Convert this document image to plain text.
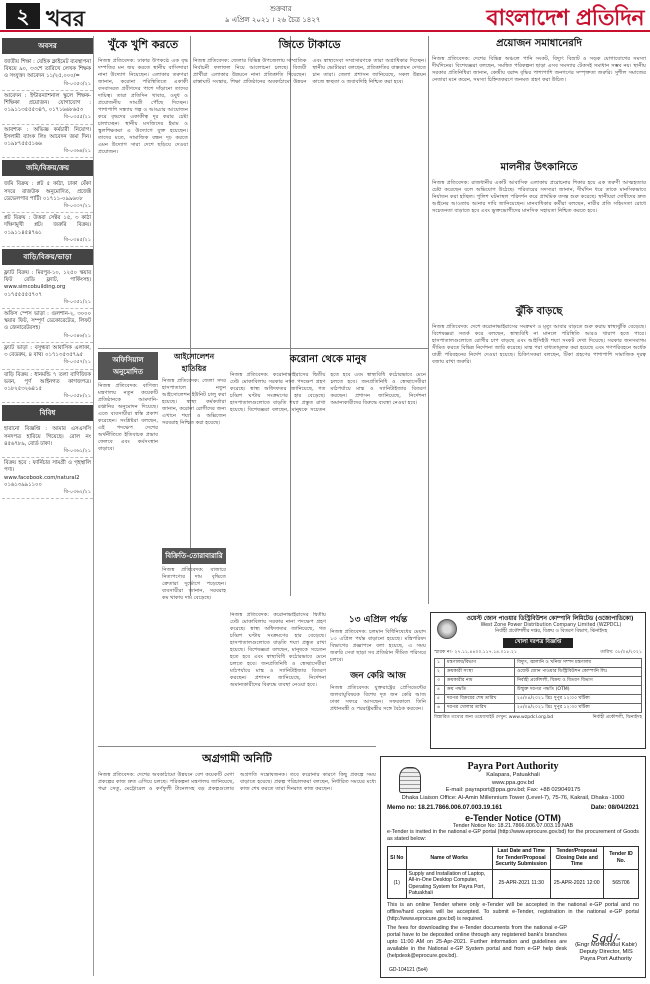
২ খবর	শুক্রবার
৯ এপ্রিল ২০২১ । ২৬ চৈত্র ১৪২৭	বাংলাদেশ প্রতিদিন
অবসর
জাতীয় শিক্ষা : যেহিক ক্লাইমেট ব্যবস্থাপনা বিষয়ে ৯০, ৩৩শে তারিখে লেখক শিক্ষক ও সংযুক্ত। আবেদন ১১/২৫,০০০/=
বি-০৩৫৩/২১
আবেদন : ইন্টারন্যাশনাল স্কুলে শিক্ষক-শিক্ষিকা প্রয়োজন। যোগাযোগ : ০১৯১১৩৫৫৫৩৪৭, ০১৭১৬৬৮৬৫৩
বি-০৩৫৫/২১
আবশ্যক : অভিজ্ঞ কর্মচারী নিয়োগ। ইসলামী ব্যাংক লিঃ আবেদন জমা দিন। ০১৯৮৭৫৫৫১৬৬
বি-০৩৬৪/২১
জমি/বিক্রয়/ক্রয়
জমি বিক্রয় : প্লট ৫ কাঠা, ঢাকা বেঁকা সদরে রাজউক অনুমোদিত, প্রজেক্ট ডেভেলপার পার্টি। ০১৭১১-০৯৯৬০৮
বি-০৩৩৭/২১
প্লট বিক্রয় : উত্তরা সেক্টর ১৫, ৩ কাঠা দক্ষিণমুখী প্লট। জরুরি বিক্রয়। ০১৯১১৪৫৪৭৬১
বি-০৩৪৫/২১
বাড়ি/বিক্রয়/ভাড়া
ফ্ল্যাট বিক্রয় : মিরপুর-১০, ১২৫০ স্কয়ার ফিট রেডি ফ্ল্যাট, পার্কিংসহ। www.simcobuilding.org ০১৭৫৫৫৫৫৭০৭
বি-০৩৫১/২১
অফিস স্পেস ভাড়া : গুলশান-২, ৩০০০ স্কয়ার ফিট, সম্পূর্ণ ডেকোরেটেড, লিফট ও জেনারেটরসহ।
বি-০৩৪৬/২১
ফ্ল্যাট ভাড়া : বসুন্ধরা আবাসিক এলাকা, ৩ বেডরুম, ৪ বাথ। ০১৭১৩৫৩৫৭৯৫
বি-০৩৫৭/২১
বাড়ি বিক্রয় : ধানমন্ডি ৭ তলা বাণিজ্যিক ভবন, পূর্ণ আইনগত কাগজপত্র। ০১৮২৫৩২৬৪১৫
বি-০৩৫৮/২১
বিবিধ
হারানো বিজ্ঞপ্তি : আমার এসএসসি সনদপত্র হারিয়ে গিয়েছে। রোল নং ৪৫৬৭৮৯, বোর্ড ঢাকা।
বি-০৩৬১/২১
বিক্রয় হবে : ফার্নিচার সামগ্রী ও গৃহস্থালি পণ্য। www.facebook.com/natural2 ০১৬১৩৯৯১১০০
বি-০৩৬২/২১
খুঁকে খুশি করতে
নিজস্ব প্রতিবেদক: ঢাকার উপকণ্ঠে এক বৃদ্ধ দম্পতির মন জয় করতে স্থানীয় বাসিন্দারা নানা উদ্যোগ নিয়েছেন। এলাকার তরুণরা জানান, করোনা পরিস্থিতিতে একাকী বসবাসরত প্রবীণদের পাশে দাঁড়ানো তাদের দায়িত্ব। তারা প্রতিদিন খাবার, ওষুধ ও প্রয়োজনীয় সামগ্রী পৌঁছে দিচ্ছেন। পাশাপাশি সন্ধ্যায় গল্প ও আড্ডার আয়োজন করে বৃদ্ধদের একাকীত্ব দূর করার চেষ্টা চালাচ্ছেন। স্থানীয় মসজিদের ইমাম ও স্কুলশিক্ষকরা এ উদ্যোগে যুক্ত হয়েছেন। তাদের মতে, সামাজিক বন্ধন দৃঢ় করতে এমন উদ্যোগ সারা দেশে ছড়িয়ে দেওয়া প্রয়োজন।
জিতে টাকাডে
নিজস্ব প্রতিবেদক: জেলার বিভিন্ন উপজেলায় সাম্প্রতিক নির্বাচনী ফলাফল নিয়ে আলোচনা চলছে। বিজয়ী প্রার্থীরা এলাকার উন্নয়নে নানা প্রতিশ্রুতি দিয়েছেন। রাস্তাঘাট সংস্কার, শিক্ষা প্রতিষ্ঠানের অবকাঠামো উন্নয়ন এবং স্বাস্থ্যসেবা সম্প্রসারণকে তারা অগ্রাধিকার দিচ্ছেন। স্থানীয় ভোটাররা বলছেন, প্রতিশ্রুতির বাস্তবায়ন দেখতে চান তারা। জেলা প্রশাসন জানিয়েছে, সকল উন্নয়ন কাজে স্বচ্ছতা ও জবাবদিহি নিশ্চিত করা হবে।
প্রয়োজন সমাধানেরদি
নিজস্ব প্রতিবেদক: দেশের বিভিন্ন অঞ্চলে পানি সংকট, বিদ্যুৎ বিভ্রাট ও সড়ক যোগাযোগের সমস্যা দীর্ঘদিনের। বিশেষজ্ঞরা বলছেন, সমন্বিত পরিকল্পনা ছাড়া এসব সমস্যার টেকসই সমাধান সম্ভব নয়। স্থানীয় সরকার প্রতিনিধিরা জানান, কেন্দ্রীয় বরাদ্দ বৃদ্ধির পাশাপাশি জনগণের সম্পৃক্ততা জরুরি। সুশীল সমাজের নেতারা মনে করেন, সমস্যা চিহ্নিতকরণে জনমত গ্রহণ করা উচিত।
মালনীর উৎকানিতে
নিজস্ব প্রতিবেদক: রাজধানীর একটি আবাসিক এলাকায় প্ররোচনার শিকার হয়ে এক তরুণী আত্মহত্যার চেষ্টা করেছেন বলে অভিযোগ উঠেছে। পরিবারের সদস্যরা জানান, দীর্ঘদিন ধরে তাকে মানসিকভাবে নির্যাতন করা হচ্ছিল। পুলিশ ঘটনাস্থল পরিদর্শন করে প্রাথমিক তদন্ত শুরু করেছে। স্থানীয়রা দোষীদের দ্রুত আইনের আওতায় আনার দাবি জানিয়েছেন। মানবাধিকার কর্মীরা বলছেন, নারীর প্রতি সহিংসতা রোধে সচেতনতা বাড়াতে হবে এবং ভুক্তভোগীদের মানসিক সহায়তা নিশ্চিত করতে হবে।
ঝুঁকি বাড়ছে
নিজস্ব প্রতিবেদক: দেশে করোনাভাইরাসের সংক্রমণ ও মৃত্যু আবার বাড়তে শুরু করায় স্বাস্থ্যঝুঁকি বেড়েছে। বিশেষজ্ঞরা সতর্ক করে বলছেন, স্বাস্থ্যবিধি না মানলে পরিস্থিতি আরও খারাপ হতে পারে। হাসপাতালগুলোতে রোগীর চাপ বাড়ছে এবং আইসিইউ শয্যা সংকট দেখা দিয়েছে। সরকার জনসমাগম সীমিত করতে বিভিন্ন নির্দেশনা জারি করেছে। মাস্ক পরা বাধ্যতামূলক করা হয়েছে এবং গণপরিবহনে অর্ধেক যাত্রী পরিবহনের নির্দেশ দেওয়া হয়েছে। চিকিৎসকরা বলছেন, টিকা গ্রহণের পাশাপাশি সামাজিক দূরত্ব বজায় রাখা জরুরি।
অফিসিয়াল অনুমোদিত
নিজস্ব প্রতিবেদক: বাণিজ্য মন্ত্রণালয় নতুন কয়েকটি প্রতিষ্ঠানকে আমদানি-রপ্তানির অনুমোদন দিয়েছে। এতে ব্যবসায়ীরা স্বস্তি প্রকাশ করেছেন। সংশ্লিষ্টরা বলছেন, এই পদক্ষেপ দেশের অর্থনীতিতে ইতিবাচক প্রভাব ফেলবে এবং কর্মসংস্থান বাড়াবে।
আইসোলেশন হাতিয়ির
নিজস্ব প্রতিবেদক: জেলা সদর হাসপাতালে নতুন আইসোলেশন ইউনিট চালু করা হয়েছে। স্বাস্থ্য কর্মকর্তারা জানান, করোনা রোগীদের জন্য এখানে শয্যা ও অক্সিজেন সরবরাহ নিশ্চিত করা হয়েছে।
করোনা থেকে মানুষ
নিজস্ব প্রতিবেদক: করোনাভাইরাসের দ্বিতীয় ঢেউ মোকাবিলায় সরকার নানা পদক্ষেপ গ্রহণ করেছে। স্বাস্থ্য অধিদফতর জানিয়েছে, গত চব্বিশ ঘণ্টায় সংক্রমণের হার বেড়েছে। হাসপাতালগুলোতে বাড়তি শয্যা প্রস্তুত রাখা হয়েছে। বিশেষজ্ঞরা বলছেন, মানুষকে সচেতন হতে হবে এবং স্বাস্থ্যবিধি কঠোরভাবে মেনে চলতে হবে। জনপ্রতিনিধি ও স্বেচ্ছাসেবীরা মাঠপর্যায়ে মাস্ক ও স্যানিটাইজার বিতরণ করছেন। প্রশাসন জানিয়েছে, নির্দেশনা অমান্যকারীদের বিরুদ্ধে ব্যবস্থা নেওয়া হবে।
১৩ এপ্রিল পর্যন্ত
নিজস্ব প্রতিবেদক: চলমান বিধিনিষেধের মেয়াদ ১৩ এপ্রিল পর্যন্ত বাড়ানো হয়েছে। মন্ত্রিপরিষদ বিভাগের প্রজ্ঞাপনে বলা হয়েছে, এ সময় জরুরি সেবা ছাড়া সব প্রতিষ্ঠান সীমিত পরিসরে চলবে।
জন কেরি আজ
নিজস্ব প্রতিবেদক: যুক্তরাষ্ট্রের প্রেসিডেন্টের জলবায়ুবিষয়ক বিশেষ দূত জন কেরি আজ ঢাকা সফরে আসছেন। সফরকালে তিনি প্রধানমন্ত্রী ও পররাষ্ট্রমন্ত্রীর সঙ্গে বৈঠক করবেন।
বিক্রিতি-তোরাবারারি
নিজস্ব প্রতিবেদক: বাজারে নিত্যপণ্যের দাম বৃদ্ধিতে ক্রেতারা দুর্ভোগে পড়েছেন। ব্যবসায়ীরা জানান, সরবরাহ কম থাকায় দাম বেড়েছে।
নিজস্ব প্রতিবেদক: করোনাভাইরাসের দ্বিতীয় ঢেউ মোকাবিলায় সরকার নানা পদক্ষেপ গ্রহণ করেছে। স্বাস্থ্য অধিদফতর জানিয়েছে, গত চব্বিশ ঘণ্টায় সংক্রমণের হার বেড়েছে। হাসপাতালগুলোতে বাড়তি শয্যা প্রস্তুত রাখা হয়েছে। বিশেষজ্ঞরা বলছেন, মানুষকে সচেতন হতে হবে এবং স্বাস্থ্যবিধি কঠোরভাবে মেনে চলতে হবে। জনপ্রতিনিধি ও স্বেচ্ছাসেবীরা মাঠপর্যায়ে মাস্ক ও স্যানিটাইজার বিতরণ করছেন। প্রশাসন জানিয়েছে, নির্দেশনা অমান্যকারীদের বিরুদ্ধে ব্যবস্থা নেওয়া হবে।
অগ্রগামী অনিটি
নিজস্ব প্রতিবেদক: দেশের অবকাঠামো উন্নয়নে বেশ কয়েকটি মেগা প্রকল্পের কাজ দ্রুত এগিয়ে চলছে। পরিকল্পনা মন্ত্রণালয় জানিয়েছে, পদ্মা সেতু, মেট্রোরেল ও কর্ণফুলী টানেলসহ বড় প্রকল্পগুলোর অগ্রগতি সন্তোষজনক। তবে করোনার কারণে কিছু প্রকল্পে সময় বাড়াতে হয়েছে। প্রকল্প পরিচালকরা বলছেন, নির্ধারিত সময়ের মধ্যে কাজ শেষ করতে তারা দিনরাত কাজ করছেন।
ওয়েস্ট জোন পাওয়ার ডিস্ট্রিবিউশন কোম্পানি লিমিটেড (ওজোপাডিকো)
West Zone Power Distribution Company Limited (WZPDCL)
নির্বাহী প্রকৌশলীর দপ্তর, বিক্রয় ও বিতরণ বিভাগ, ঝিনাইদহ
খোলা দরপত্র বিজ্ঞপ্তি
স্মারক নং- ২৭.১১.৪৪০০.১১৭.১৪.০১৮.২১	তারিখ: ০৮/০৪/২০২১
১	মন্ত্রণালয়/বিভাগ	বিদ্যুৎ, জ্বালানি ও খনিজ সম্পদ মন্ত্রণালয়
২	ক্রয়কারী সংস্থা	ওয়েস্ট জোন পাওয়ার ডিস্ট্রিবিউশন কোম্পানি লিঃ
৩	ক্রয়কারীর নাম	নির্বাহী প্রকৌশলী, বিক্রয় ও বিতরণ বিভাগ
৪	ক্রয় পদ্ধতি	উন্মুক্ত দরপত্র পদ্ধতি (OTM)
৫	দরপত্র বিক্রয়ের শেষ তারিখ	২৫/০৪/২০২১ খ্রিঃ দুপুর ১২:০০ ঘটিকা
৬	দরপত্র খোলার তারিখ	২৫/০৪/২০২১ খ্রিঃ দুপুর ১২:৩০ ঘটিকা
বিস্তারিত তথ্যের জন্য ওয়েবসাইট দেখুন: www.wzpdcl.org.bd	নির্বাহী প্রকৌশলী, ঝিনাইদহ
Payra Port Authority
Kalapara, Patuakhali
www.ppa.gov.bd
E-mail: payraport@ppa.gov.bd; Fax: +88 029049175
Dhaka Liaison Office: Al-Amin Millennium Tower (Level-7), 75-76, Kakrail, Dhaka -1000
Memo no: 18.21.7866.006.07.003.19.161	Date: 08/04/2021
e-Tender Notice (OTM)
Tender Notice No: 18.21.7866.006.07.003.19.NAB
e-Tender is invited in the national e-GP portal (http://www.eprocure.gov.bd) for the procurement of Goods as stated below:
Sl No	Name of Works	Last Date and Time for Tender/Proposal Security Submission	Tender/Proposal Closing Date and Time	Tender ID No.
(1)	Supply and Installation of Laptop, All-in-One Desktop Computer, Operating System for Payra Port, Patuakhali	25-APR-2021 11:30	25-APR-2021 12:00	565706
This is an online Tender where only e-Tender will be accepted in the national e-GP portal and no offline/hard copies will be accepted. To submit e-Tender, registration in the national e-GP portal (http://www.eprocure.gov.bd) is required.
The fees for downloading the e-Tender documents from the national e-GP portal have to be deposited online through any registered bank's branches upto 11:00 AM on 25-Apr-2021. Further information and guidelines are available in the National e-GP System portal and from e-GP help desk (helpdesk@eprocure.gov.bd).
Sgd/-
(Engr Md Sohidul Kabir)
Deputy Director, MIS
Payra Port Authority
GD-104121 (5x4)
